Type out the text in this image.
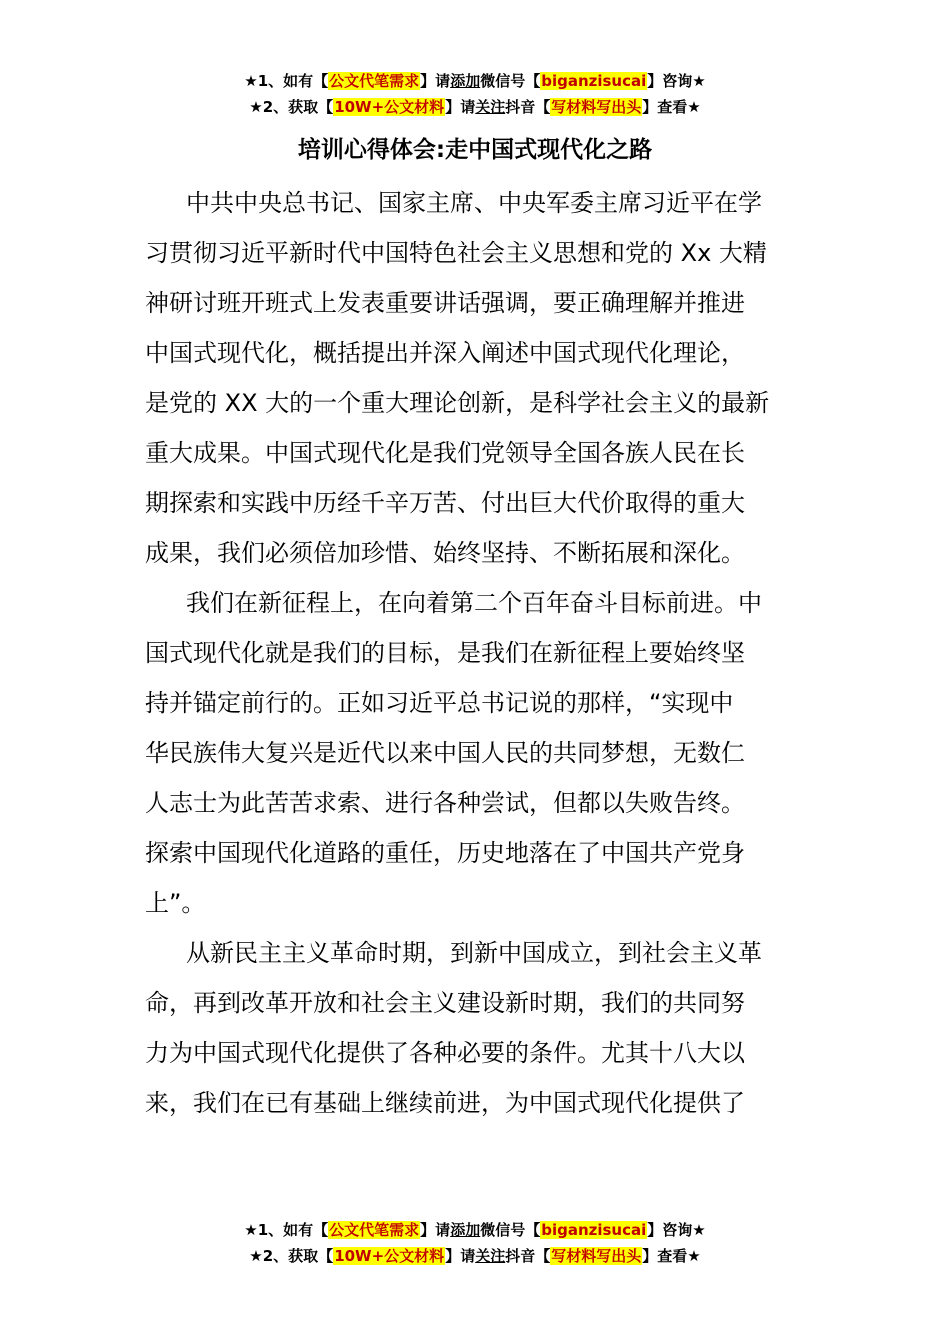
★1、如有【公文代笔需求】请添加微信号【biganzisucai】咨询★
★2、获取【10W+公文材料】请关注抖音【写材料写出头】查看★
培训心得体会:走中国式现代化之路
中共中央总书记、国家主席、中央军委主席习近平在学
习贯彻习近平新时代中国特色社会主义思想和党的 Xx 大精
神研讨班开班式上发表重要讲话强调，要正确理解并推进
中国式现代化，概括提出并深入阐述中国式现代化理论，
是党的 XX 大的一个重大理论创新，是科学社会主义的最新
重大成果。中国式现代化是我们党领导全国各族人民在长
期探索和实践中历经千辛万苦、付出巨大代价取得的重大
成果，我们必须倍加珍惜、始终坚持、不断拓展和深化。
我们在新征程上，在向着第二个百年奋斗目标前进。中
国式现代化就是我们的目标，是我们在新征程上要始终坚
持并锚定前行的。正如习近平总书记说的那样，“实现中
华民族伟大复兴是近代以来中国人民的共同梦想，无数仁
人志士为此苦苦求索、进行各种尝试，但都以失败告终。
探索中国现代化道路的重任，历史地落在了中国共产党身
上”。
从新民主主义革命时期，到新中国成立，到社会主义革
命，再到改革开放和社会主义建设新时期，我们的共同努
力为中国式现代化提供了各种必要的条件。尤其十八大以
来，我们在已有基础上继续前进，为中国式现代化提供了
★1、如有【公文代笔需求】请添加微信号【biganzisucai】咨询★
★2、获取【10W+公文材料】请关注抖音【写材料写出头】查看★
